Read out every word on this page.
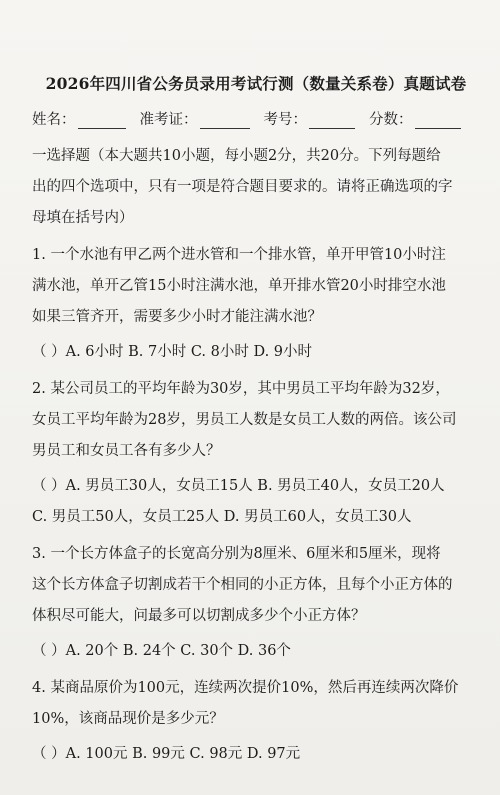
2026年四川省公务员录用考试行测（数量关系卷）真题试卷
姓名：	准考证：	考号：	分数：

一选择题（本大题共10小题，每小题2分，共20分。下列每题给
出的四个选项中，只有一项是符合题目要求的。请将正确选项的字
母填在括号内）

1. 一个水池有甲乙两个进水管和一个排水管，单开甲管10小时注
满水池，单开乙管15小时注满水池，单开排水管20小时排空水池
如果三管齐开，需要多少小时才能注满水池？

（ ）A. 6小时 B. 7小时 C. 8小时 D. 9小时

2. 某公司员工的平均年龄为30岁，其中男员工平均年龄为32岁，
女员工平均年龄为28岁，男员工人数是女员工人数的两倍。该公司
男员工和女员工各有多少人？

（ ）A. 男员工30人，女员工15人 B. 男员工40人，女员工20人
C. 男员工50人，女员工25人 D. 男员工60人，女员工30人

3. 一个长方体盒子的长宽高分别为8厘米、6厘米和5厘米，现将
这个长方体盒子切割成若干个相同的小正方体，且每个小正方体的
体积尽可能大，问最多可以切割成多少个小正方体？

（ ）A. 20个 B. 24个 C. 30个 D. 36个

4. 某商品原价为100元，连续两次提价10%，然后再连续两次降价
10%，该商品现价是多少元？

（ ）A. 100元 B. 99元 C. 98元 D. 97元
